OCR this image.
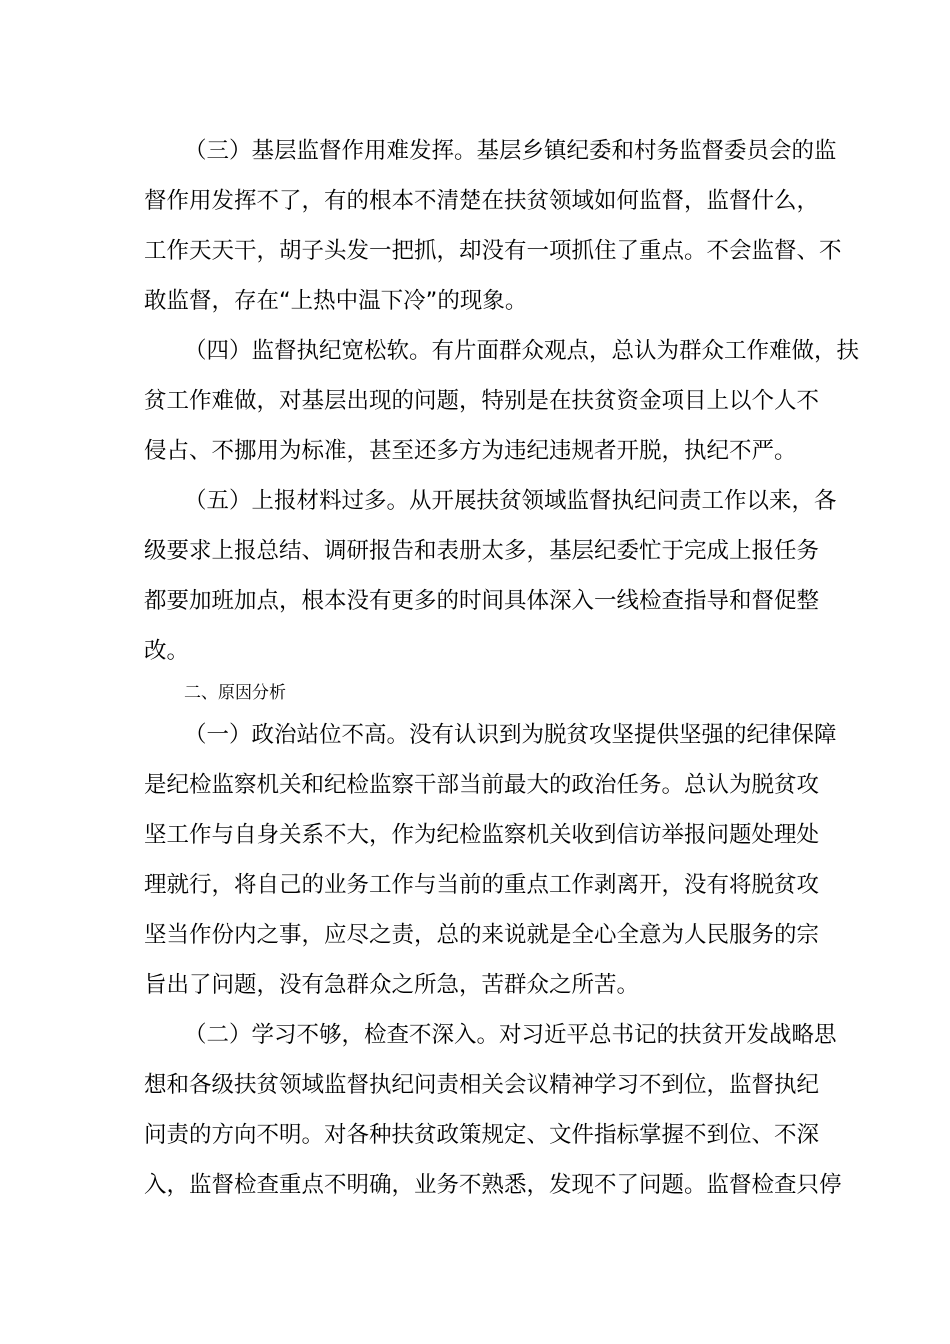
（三）基层监督作用难发挥。基层乡镇纪委和村务监督委员会的监
督作用发挥不了，有的根本不清楚在扶贫领域如何监督，监督什么，
工作天天干，胡子头发一把抓，却没有一项抓住了重点。不会监督、不
敢监督，存在“上热中温下冷”的现象。
（四）监督执纪宽松软。有片面群众观点，总认为群众工作难做，扶
贫工作难做，对基层出现的问题，特别是在扶贫资金项目上以个人不
侵占、不挪用为标准，甚至还多方为违纪违规者开脱，执纪不严。
（五）上报材料过多。从开展扶贫领域监督执纪问责工作以来，各
级要求上报总结、调研报告和表册太多，基层纪委忙于完成上报任务
都要加班加点，根本没有更多的时间具体深入一线检查指导和督促整
改。
二、原因分析
（一）政治站位不高。没有认识到为脱贫攻坚提供坚强的纪律保障
是纪检监察机关和纪检监察干部当前最大的政治任务。总认为脱贫攻
坚工作与自身关系不大，作为纪检监察机关收到信访举报问题处理处
理就行，将自己的业务工作与当前的重点工作剥离开，没有将脱贫攻
坚当作份内之事，应尽之责，总的来说就是全心全意为人民服务的宗
旨出了问题，没有急群众之所急，苦群众之所苦。
（二）学习不够，检查不深入。对习近平总书记的扶贫开发战略思
想和各级扶贫领域监督执纪问责相关会议精神学习不到位，监督执纪
问责的方向不明。对各种扶贫政策规定、文件指标掌握不到位、不深
入，监督检查重点不明确，业务不熟悉，发现不了问题。监督检查只停
